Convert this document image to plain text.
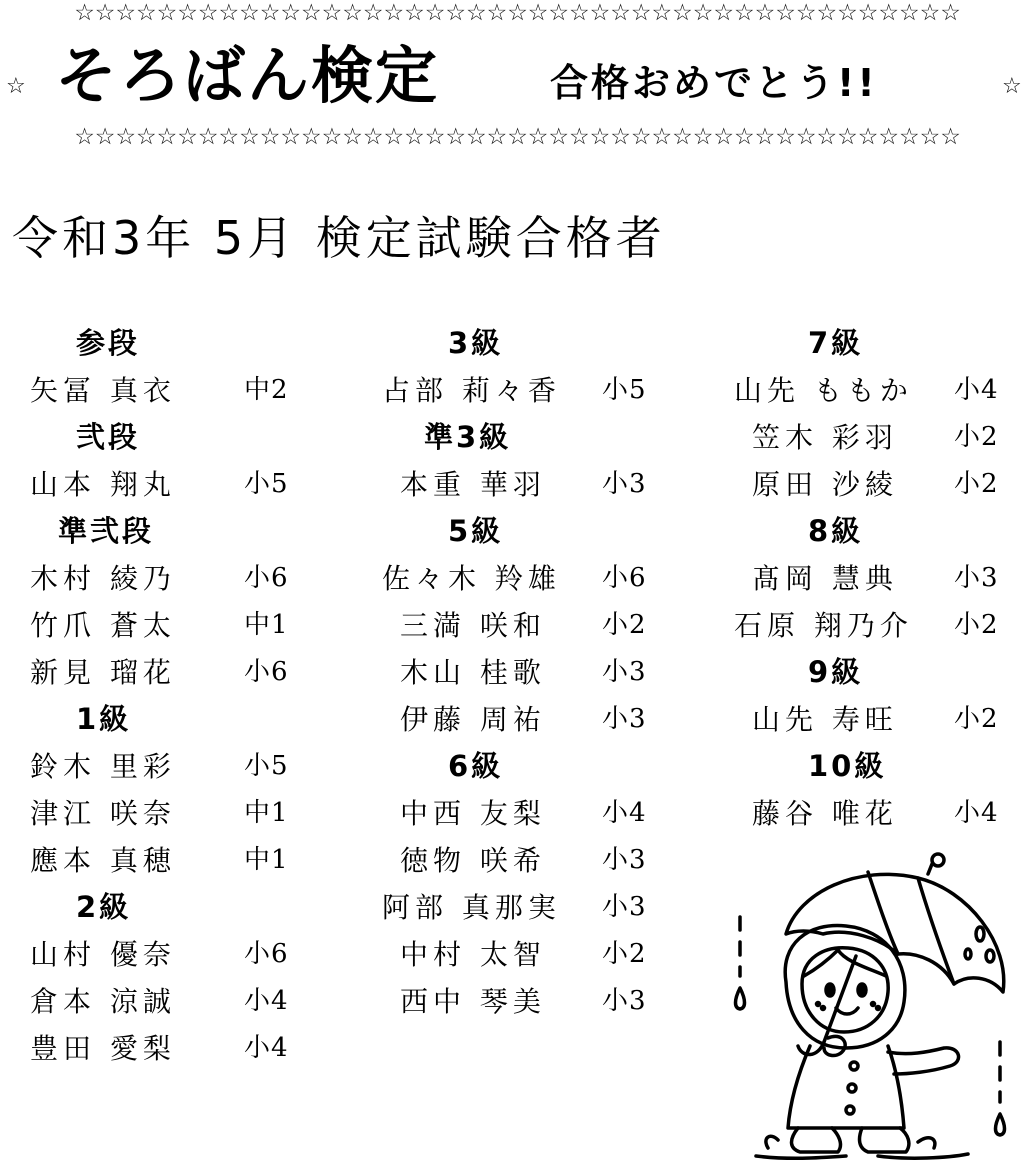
☆☆☆☆☆☆☆☆☆☆☆☆☆☆☆☆☆☆☆☆☆☆☆☆☆☆☆☆☆☆☆☆☆☆☆☆☆☆☆☆☆☆☆
☆ そろばん検定	合格おめでとう!!	☆
☆☆☆☆☆☆☆☆☆☆☆☆☆☆☆☆☆☆☆☆☆☆☆☆☆☆☆☆☆☆☆☆☆☆☆☆☆☆☆☆☆☆☆
令和3年 5月 検定試験合格者
参段
矢冨 真衣	中2
弐段
山本 翔丸	小5
準弐段
木村 綾乃	小6
竹爪 蒼太	中1
新見 瑠花	小6
1級
鈴木 里彩	小5
津江 咲奈	中1
應本 真穂	中1
2級
山村 優奈	小6
倉本 涼誠	小4
豊田 愛梨	小4
3級
占部 莉々香 小5
準3級
本重 華羽 小3
5級
佐々木 羚雄 小6
三満 咲和 小2
木山 桂歌 小3
伊藤 周祐 小3
6級
中西 友梨 小4
徳物 咲希 小3
阿部 真那実 小3
中村 太智 小2
西中 琴美 小3
7級
山先 ももか 小4
笠木 彩羽 小2
原田 沙綾 小2
8級
髙岡 慧典 小3
石原 翔乃介 小2
9級
山先 寿旺 小2
10級
藤谷 唯花 小4
